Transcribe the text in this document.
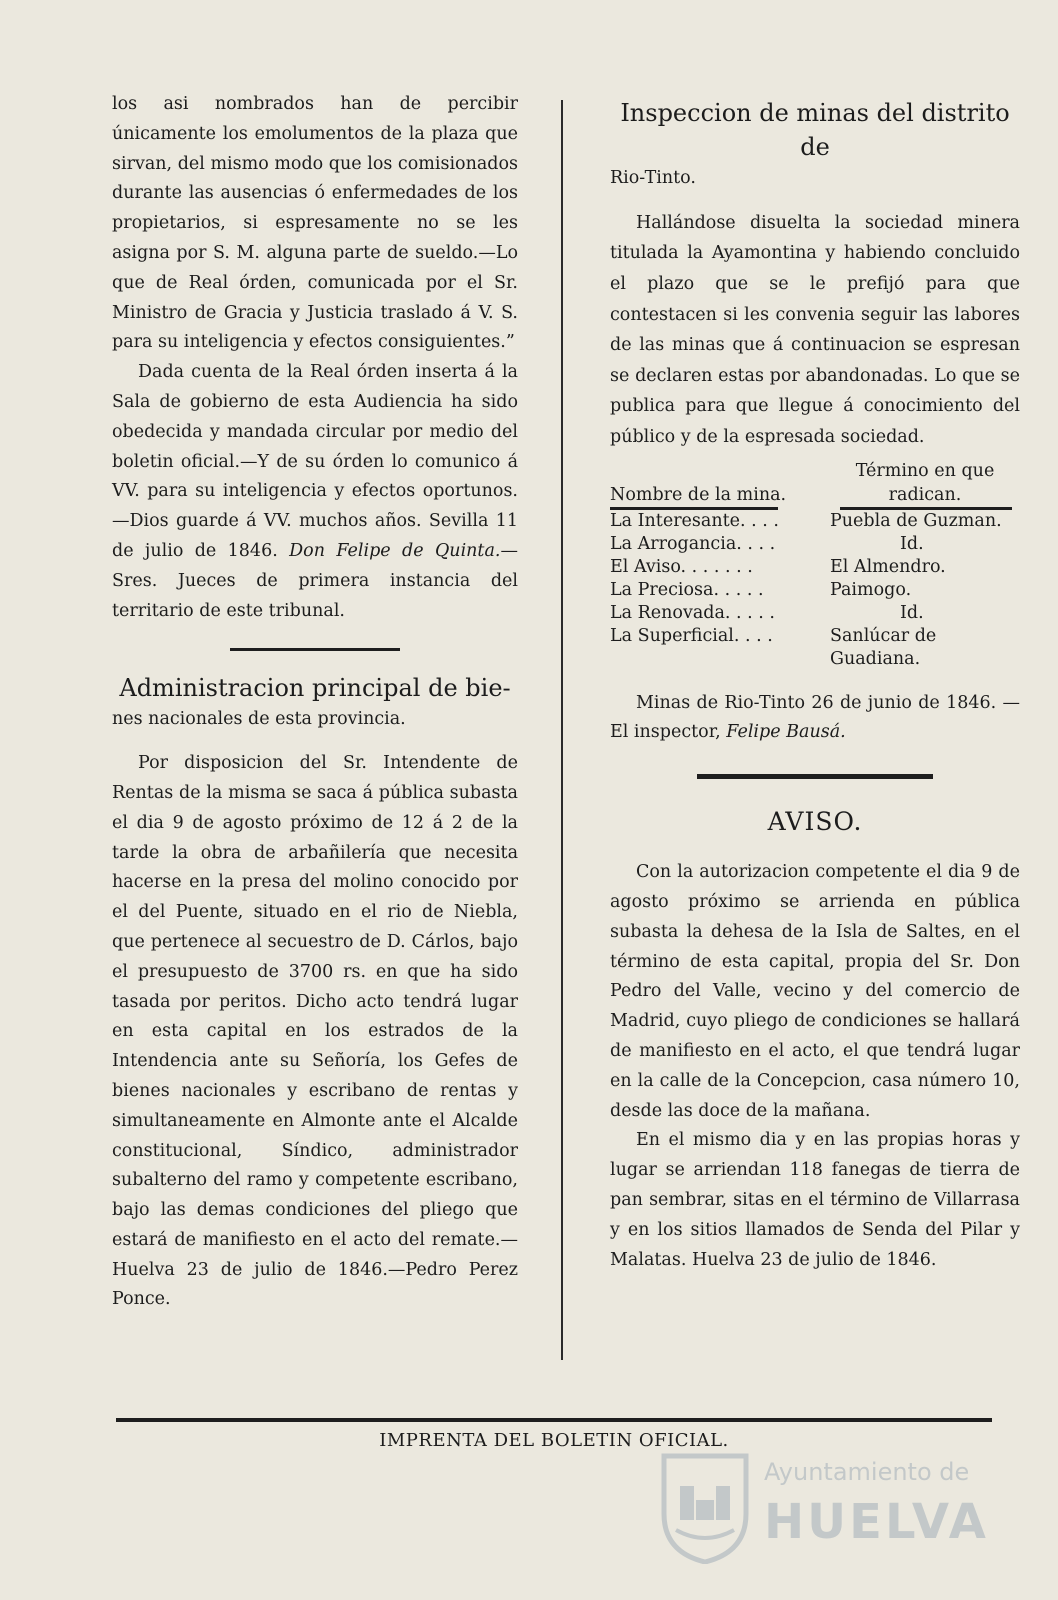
los asi nombrados han de percibir únicamente los emolumentos de la plaza que sirvan, del mismo modo que los comisionados durante las ausencias ó enfermedades de los propietarios, si espresamente no se les asigna por S. M. alguna parte de sueldo.—Lo que de Real órden, comunicada por el Sr. Ministro de Gracia y Justicia traslado á V. S. para su inteligencia y efectos consiguientes.”

Dada cuenta de la Real órden inserta á la Sala de gobierno de esta Audiencia ha sido obedecida y mandada circular por medio del boletin oficial.—Y de su órden lo comunico á VV. para su inteligencia y efectos oportunos.—Dios guarde á VV. muchos años. Sevilla 11 de julio de 1846. Don Felipe de Quinta.—Sres. Jueces de primera instancia del territario de este tribunal.

Administracion principal de bie-

nes nacionales de esta provincia.

Por disposicion del Sr. Intendente de Rentas de la misma se saca á pública subasta el dia 9 de agosto próximo de 12 á 2 de la tarde la obra de arbañilería que necesita hacerse en la presa del molino conocido por el del Puente, situado en el rio de Niebla, que pertenece al secuestro de D. Cárlos, bajo el presupuesto de 3700 rs. en que ha sido tasada por peritos. Dicho acto tendrá lugar en esta capital en los estrados de la Intendencia ante su Señoría, los Gefes de bienes nacionales y escribano de rentas y simultaneamente en Almonte ante el Alcalde constitucional, Síndico, administrador subalterno del ramo y competente escribano, bajo las demas condiciones del pliego que estará de manifiesto en el acto del remate.—Huelva 23 de julio de 1846.—Pedro Perez Ponce.

Inspeccion de minas del distrito de

Rio-Tinto.

Hallándose disuelta la sociedad minera titulada la Ayamontina y habiendo concluido el plazo que se le prefijó para que contestacen si les convenia seguir las labores de las minas que á continuacion se espresan se declaren estas por abandonadas. Lo que se publica para que llegue á conocimiento del público y de la espresada sociedad.

Nombre de la mina.	Término en que radican.

La Interesante. . . .	Puebla de Guzman.
La Arrogancia. . . .	Id.
El Aviso. . . . . . .	El Almendro.
La Preciosa. . . . .	Paimogo.
La Renovada. . . . .	Id.
La Superficial. . . .	Sanlúcar de Guadiana.

Minas de Rio-Tinto 26 de junio de 1846. —El inspector, Felipe Bausá.

AVISO.

Con la autorizacion competente el dia 9 de agosto próximo se arrienda en pública subasta la dehesa de la Isla de Saltes, en el término de esta capital, propia del Sr. Don Pedro del Valle, vecino y del comercio de Madrid, cuyo pliego de condiciones se hallará de manifiesto en el acto, el que tendrá lugar en la calle de la Concepcion, casa número 10, desde las doce de la mañana.

En el mismo dia y en las propias horas y lugar se arriendan 118 fanegas de tierra de pan sembrar, sitas en el término de Villarrasa y en los sitios llamados de Senda del Pilar y Malatas. Huelva 23 de julio de 1846.

IMPRENTA DEL BOLETIN OFICIAL.
Ayuntamiento de
HUELVA
